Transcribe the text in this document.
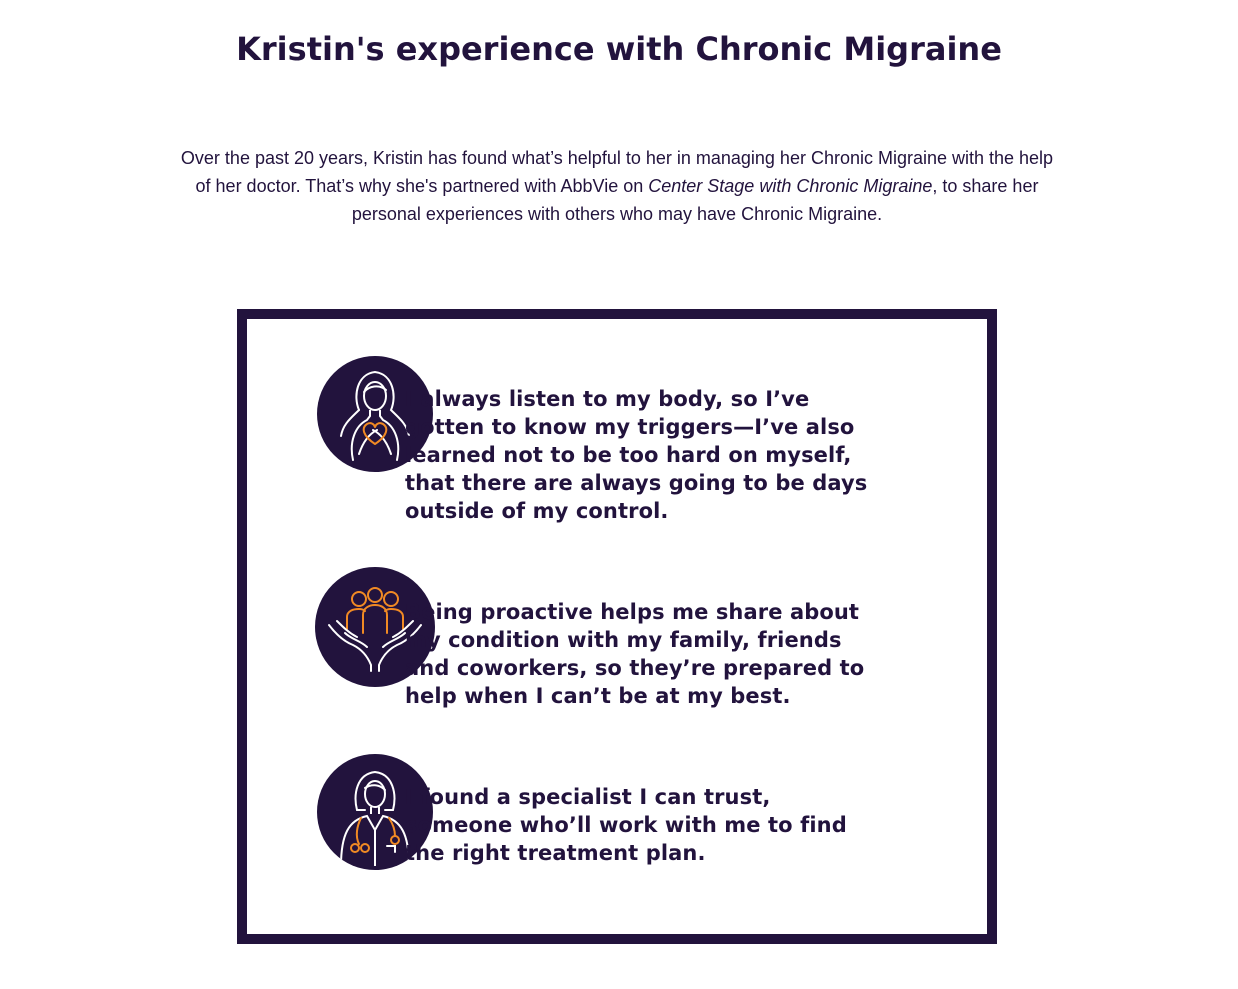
Kristin's experience with Chronic Migraine

Over the past 20 years, Kristin has found what’s helpful to her in managing her Chronic Migraine with the help of her doctor. That’s why she's partnered with AbbVie on Center Stage with Chronic Migraine, to share her personal experiences with others who may have Chronic Migraine.

I always listen to my body, so I’ve gotten to know my triggers—I’ve also learned not to be too hard on myself, that there are always going to be days outside of my control.

Being proactive helps me share about my condition with my family, friends and coworkers, so they’re prepared to help when I can’t be at my best.

I found a specialist I can trust, someone who’ll work with me to find the right treatment plan.
